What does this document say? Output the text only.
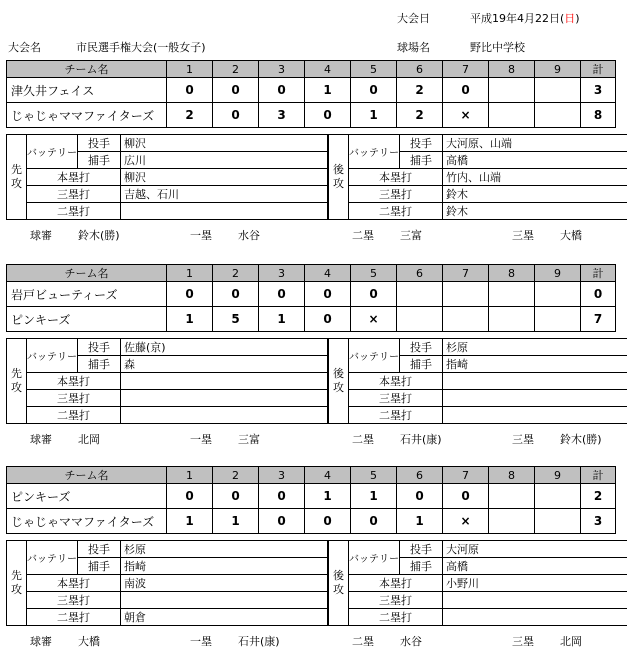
大会日	平成19年4月22日(日)
大会名	市民選手権大会(一般女子)	球場名	野比中学校
チーム名	1	2	3	4	5	6	7	8	9	計
津久井フェイス	0	0	0	1	0	2	0			3
じゃじゃママファイターズ	2	0	3	0	1	2	×			8
先
攻	バッテリー	投手	柳沢
		捕手	広川
	本塁打		柳沢
	三塁打		吉越、石川
	二塁打		
後
攻	バッテリー	投手	大河原、山端
		捕手	高橋
	本塁打		竹内、山端
	三塁打		鈴木
	二塁打		鈴木
球審 鈴木(勝)	一塁 水谷	二塁 三富	三塁 大橋
チーム名	1	2	3	4	5	6	7	8	9	計
岩戸ビューティーズ	0	0	0	0	0					0
ピンキーズ	1	5	1	0	×					7
先
攻	バッテリー	投手	佐藤(京)
		捕手	森
	本塁打		
	三塁打		
	二塁打		
後
攻	バッテリー	投手	杉原
		捕手	指崎
	本塁打		
	三塁打		
	二塁打		
球審 北岡	一塁 三富	二塁 石井(康)	三塁 鈴木(勝)
チーム名	1	2	3	4	5	6	7	8	9	計
ピンキーズ	0	0	0	1	1	0	0			2
じゃじゃママファイターズ	1	1	0	0	0	1	×			3
先
攻	バッテリー	投手	杉原
		捕手	指崎
	本塁打		南波
	三塁打		
	二塁打		朝倉
後
攻	バッテリー	投手	大河原
		捕手	高橋
	本塁打		小野川
	三塁打		
	二塁打		
球審 大橋	一塁 石井(康)	二塁 水谷	三塁 北岡
